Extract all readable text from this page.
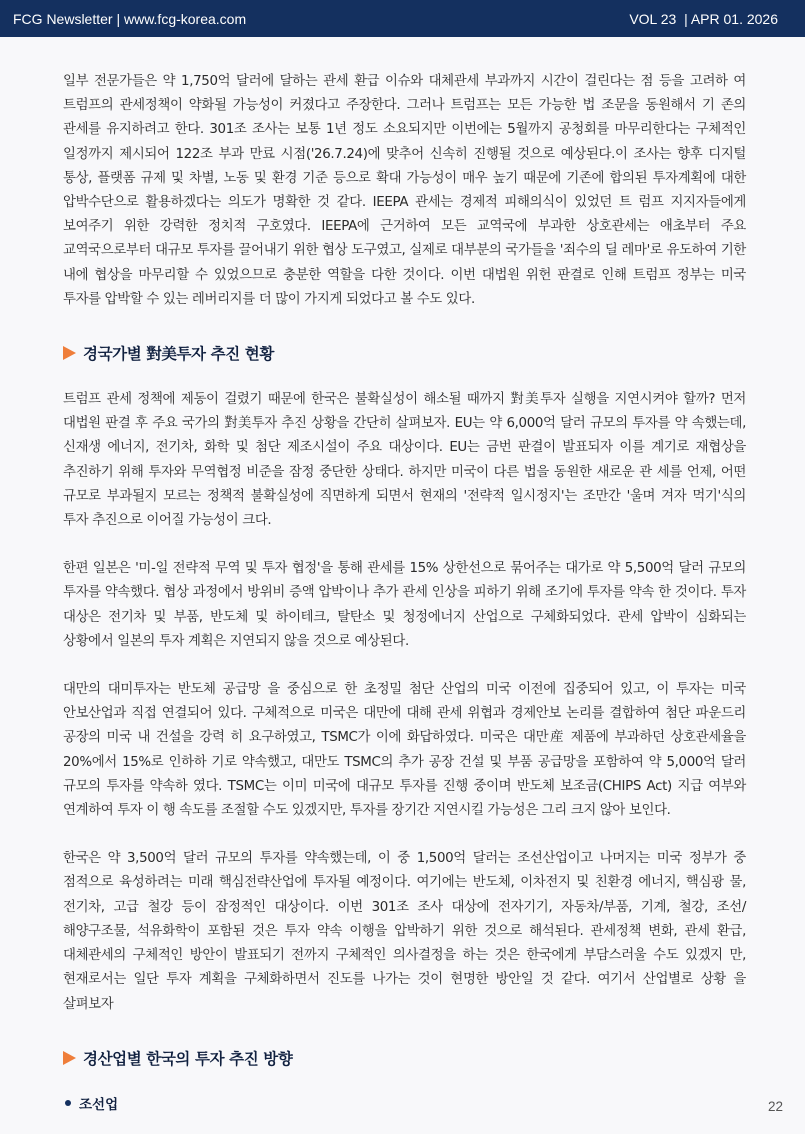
FCG Newsletter | www.fcg-korea.com	VOL 23  | APR 01. 2026

일부 전문가들은 약 1,750억 달러에 달하는 관세 환급 이슈와 대체관세 부과까지 시간이 걸린다는 점 등을 고려하 여 트럼프의 관세정책이 약화될 가능성이 커졌다고 주장한다. 그러나 트럼프는 모든 가능한 법 조문을 동원해서 기 존의 관세를 유지하려고 한다. 301조 조사는 보통 1년 정도 소요되지만 이번에는 5월까지 공청회를 마무리한다는 구체적인 일정까지 제시되어 122조 부과 만료 시점('26.7.24)에 맞추어 신속히 진행될 것으로 예상된다.이 조사는 향후 디지털 통상, 플랫폼 규제 및 차별, 노동 및 환경 기준 등으로 확대 가능성이 매우 높기 때문에 기존에 합의된 투자계획에 대한 압박수단으로 활용하겠다는 의도가 명확한 것 같다. IEEPA 관세는 경제적 피해의식이 있었던 트 럼프 지지자들에게 보여주기 위한 강력한 정치적 구호였다. IEEPA에 근거하여 모든 교역국에 부과한 상호관세는 애초부터 주요 교역국으로부터 대규모 투자를 끌어내기 위한 협상 도구였고, 실제로 대부분의 국가들을 '죄수의 딜 레마'로 유도하여 기한 내에 협상을 마무리할 수 있었으므로 충분한 역할을 다한 것이다. 이번 대법원 위헌 판결로 인해 트럼프 정부는 미국 투자를 압박할 수 있는 레버리지를 더 많이 가지게 되었다고 볼 수도 있다.

경국가별 對美투자 추진 현황

트럼프 관세 정책에 제동이 걸렸기 때문에 한국은 불확실성이 해소될 때까지 對美투자 실행을 지연시켜야 할까? 먼저 대법원 판결 후 주요 국가의 對美투자 추진 상황을 간단히 살펴보자. EU는 약 6,000억 달러 규모의 투자를 약 속했는데, 신재생 에너지, 전기차, 화학 및 첨단 제조시설이 주요 대상이다. EU는 금번 판결이 발표되자 이를 계기로 재협상을 추진하기 위해 투자와 무역협정 비준을 잠정 중단한 상태다. 하지만 미국이 다른 법을 동원한 새로운 관 세를 언제, 어떤 규모로 부과될지 모르는 정책적 불확실성에 직면하게 되면서 현재의 '전략적 일시정지'는 조만간 '울며 겨자 먹기'식의 투자 추진으로 이어질 가능성이 크다.

한편 일본은 '미-일 전략적 무역 및 투자 협정'을 통해 관세를 15% 상한선으로 묶어주는 대가로 약 5,500억 달러 규모의 투자를 약속했다. 협상 과정에서 방위비 증액 압박이나 추가 관세 인상을 피하기 위해 조기에 투자를 약속 한 것이다. 투자 대상은 전기차 및 부품, 반도체 및 하이테크, 탈탄소 및 청정에너지 산업으로 구체화되었다. 관세 압박이 심화되는 상황에서 일본의 투자 계획은 지연되지 않을 것으로 예상된다.

대만의 대미투자는 반도체 공급망 을 중심으로 한 초정밀 첨단 산업의 미국 이전에 집중되어 있고, 이 투자는 미국 안보산업과 직접 연결되어 있다. 구체적으로 미국은 대만에 대해 관세 위협과 경제안보 논리를 결합하여 첨단 파운드리 공장의 미국 내 건설을 강력 히 요구하였고, TSMC가 이에 화답하였다. 미국은 대만産 제품에 부과하던 상호관세율을 20%에서 15%로 인하하 기로 약속했고, 대만도 TSMC의 추가 공장 건설 및 부품 공급망을 포함하여 약 5,000억 달러 규모의 투자를 약속하 였다. TSMC는 이미 미국에 대규모 투자를 진행 중이며 반도체 보조금(CHIPS Act) 지급 여부와 연계하여 투자 이 행 속도를 조절할 수도 있겠지만, 투자를 장기간 지연시킬 가능성은 그리 크지 않아 보인다.

한국은 약 3,500억 달러 규모의 투자를 약속했는데, 이 중 1,500억 달러는 조선산업이고 나머지는 미국 정부가 중 점적으로 육성하려는 미래 핵심전략산업에 투자될 예정이다. 여기에는 반도체, 이차전지 및 친환경 에너지, 핵심광 물, 전기차, 고급 철강 등이 잠정적인 대상이다. 이번 301조 조사 대상에 전자기기, 자동차/부품, 기계, 철강, 조선/ 해양구조물, 석유화학이 포함된 것은 투자 약속 이행을 압박하기 위한 것으로 해석된다. 관세정책 변화, 관세 환급, 대체관세의 구체적인 방안이 발표되기 전까지 구체적인 의사결정을 하는 것은 한국에게 부담스러울 수도 있겠지 만, 현재로서는 일단 투자 계획을 구체화하면서 진도를 나가는 것이 현명한 방안일 것 같다. 여기서 산업별로 상황 을 살펴보자

경산업별 한국의 투자 추진 방향
조선업	22
